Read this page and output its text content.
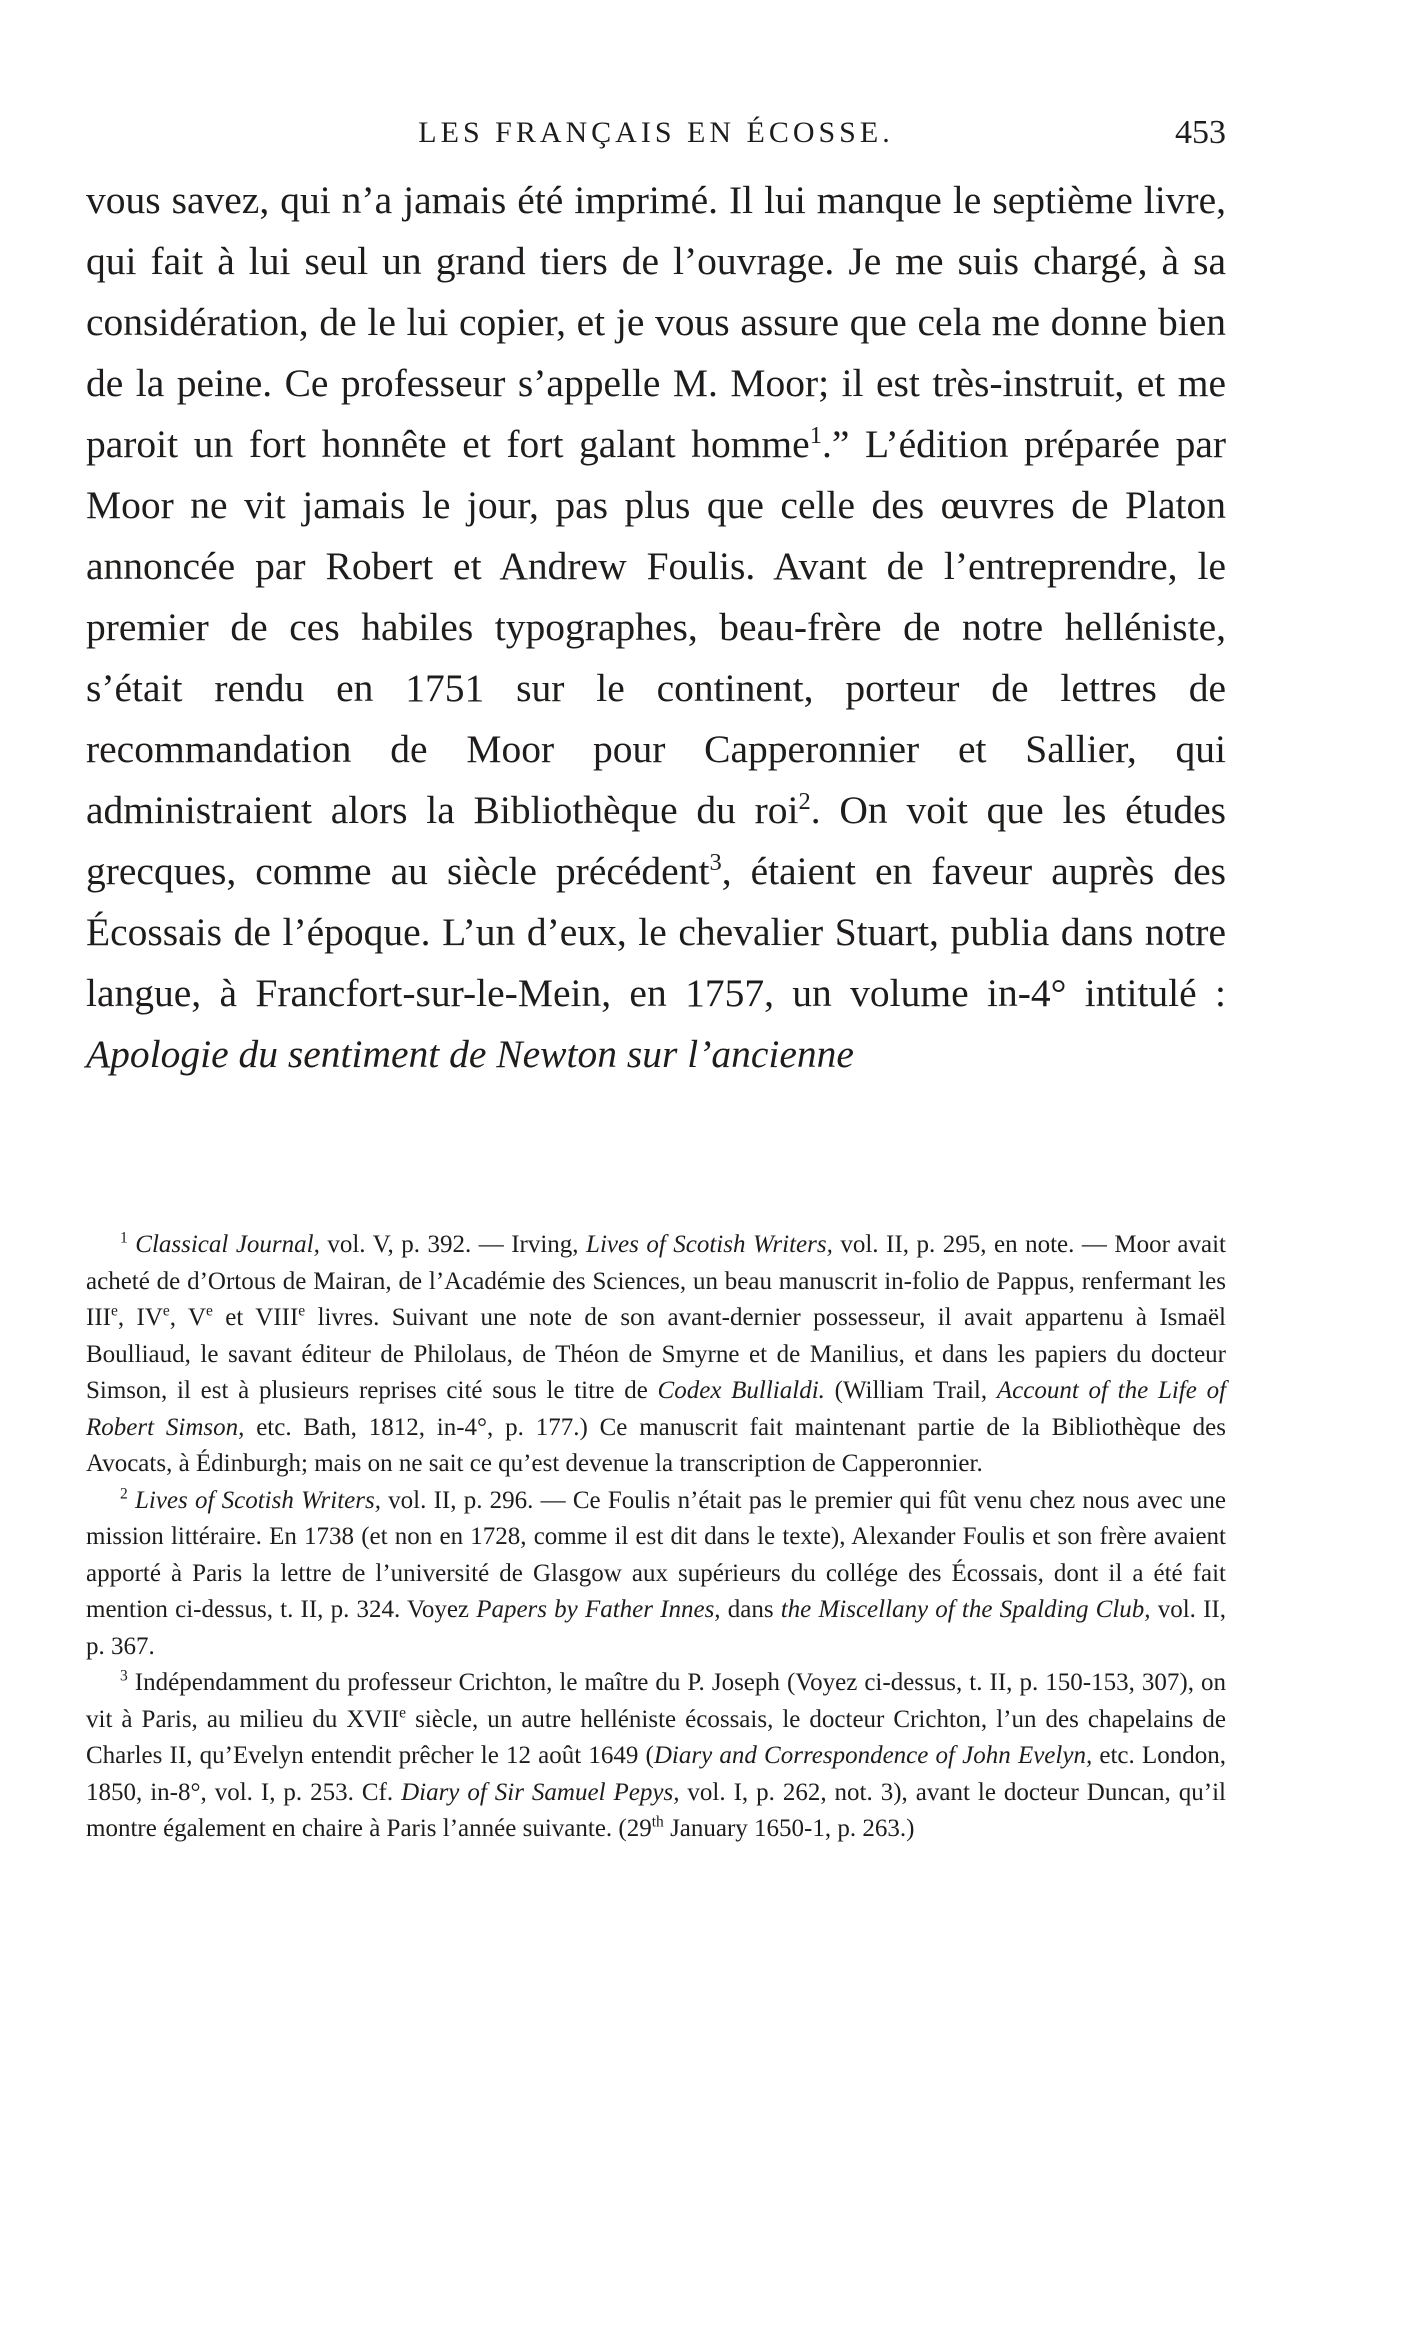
LES FRANÇAIS EN ÉCOSSE.	453

vous savez, qui n’a jamais été imprimé. Il lui manque le septième livre, qui fait à lui seul un grand tiers de l’ouvrage. Je me suis chargé, à sa considération, de le lui copier, et je vous assure que cela me donne bien de la peine. Ce professeur s’appelle M. Moor; il est très-instruit, et me paroit un fort honnête et fort galant homme$^1$.” L’édition préparée par Moor ne vit jamais le jour, pas plus que celle des œuvres de Platon annoncée par Robert et Andrew Foulis. Avant de l’entreprendre, le premier de ces habiles typographes, beau-frère de notre helléniste, s’était rendu en 1751 sur le continent, porteur de lettres de recommandation de Moor pour Capperonnier et Sallier, qui administraient alors la Bibliothèque du roi$^2$. On voit que les études grecques, comme au siècle précédent$^3$, étaient en faveur auprès des Écossais de l’époque. L’un d’eux, le chevalier Stuart, publia dans notre langue, à Francfort-sur-le-Mein, en 1757, un volume in-4° intitulé : Apologie du sentiment de Newton sur l’ancienne

$^1$ Classical Journal, vol. V, p. 392. — Irving, Lives of Scotish Writers, vol. II, p. 295, en note. — Moor avait acheté de d’Ortous de Mairan, de l’Académie des Sciences, un beau manuscrit in-folio de Pappus, renfermant les IIIe, IVe, Ve et VIIIe livres. Suivant une note de son avant-dernier possesseur, il avait appartenu à Ismaël Boulliaud, le savant éditeur de Philolaus, de Théon de Smyrne et de Manilius, et dans les papiers du docteur Simson, il est à plusieurs reprises cité sous le titre de Codex Bullialdi. (William Trail, Account of the Life of Robert Simson, etc. Bath, 1812, in-4°, p. 177.) Ce manuscrit fait maintenant partie de la Bibliothèque des Avocats, à Édinburgh; mais on ne sait ce qu’est devenue la transcription de Capperonnier.

$^2$ Lives of Scotish Writers, vol. II, p. 296. — Ce Foulis n’était pas le premier qui fût venu chez nous avec une mission littéraire. En 1738 (et non en 1728, comme il est dit dans le texte), Alexander Foulis et son frère avaient apporté à Paris la lettre de l’université de Glasgow aux supérieurs du collége des Écossais, dont il a été fait mention ci-dessus, t. II, p. 324. Voyez Papers by Father Innes, dans the Miscellany of the Spalding Club, vol. II, p. 367.

$^3$ Indépendamment du professeur Crichton, le maître du P. Joseph (Voyez ci-dessus, t. II, p. 150-153, 307), on vit à Paris, au milieu du XVIIe siècle, un autre helléniste écossais, le docteur Crichton, l’un des chapelains de Charles II, qu’Evelyn entendit prêcher le 12 août 1649 (Diary and Correspondence of John Evelyn, etc. London, 1850, in-8°, vol. I, p. 253. Cf. Diary of Sir Samuel Pepys, vol. I, p. 262, not. 3), avant le docteur Duncan, qu’il montre également en chaire à Paris l’année suivante. (29th January 1650-1, p. 263.)
